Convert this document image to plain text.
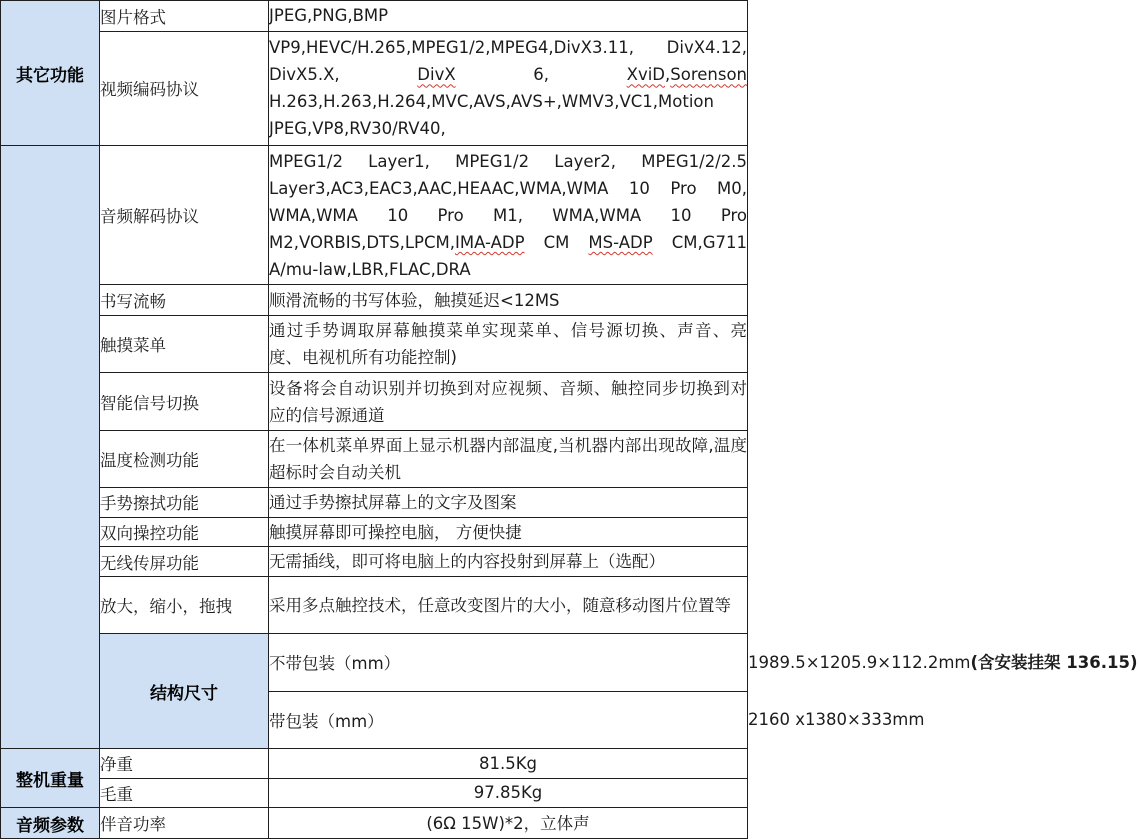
其它功能	图片格式	JPEG,PNG,BMP	
	视频编码协议	VP9,HEVC/H.265,MPEG1/2,MPEG4,DivX3.11, DivX4.12, DivX5.X, DivX 6, XviD,Sorenson H.263,H.263,H.264,MVC,AVS,AVS+,WMV3,VC1,Motion JPEG,VP8,RV30/RV40,	
	音频解码协议	MPEG1/2 Layer1, MPEG1/2 Layer2, MPEG1/2/2.5 Layer3,AC3,EAC3,AAC,HEAAC,WMA,WMA 10 Pro M0, WMA,WMA 10 Pro M1, WMA,WMA 10 Pro M2,VORBIS,DTS,LPCM,IMA-ADP CM MS-ADP CM,G711 A/mu-law,LBR,FLAC,DRA	
	书写流畅	顺滑流畅的书写体验，触摸延迟<12MS	
	触摸菜单	通过手势调取屏幕触摸菜单实现菜单、信号源切换、声音、亮度、电视机所有功能控制)	
	智能信号切换	设备将会自动识别并切换到对应视频、音频、触控同步切换到对应的信号源通道	
	温度检测功能	在一体机菜单界面上显示机器内部温度,当机器内部出现故障,温度超标时会自动关机	
	手势擦拭功能	通过手势擦拭屏幕上的文字及图案	
	双向操控功能	触摸屏幕即可操控电脑， 方便快捷	
	无线传屏功能	无需插线，即可将电脑上的内容投射到屏幕上（选配）	
	放大，缩小，拖拽	采用多点触控技术，任意改变图片的大小，随意移动图片位置等	
	结构尺寸	不带包装（mm）	1989.5×1205.9×112.2mm(含安装挂架 136.15)
		带包装（mm）	2160 x1380×333mm
整机重量	净重	81.5Kg	
	毛重	97.85Kg	
音频参数	伴音功率	(6Ω 15W)*2，立体声	
